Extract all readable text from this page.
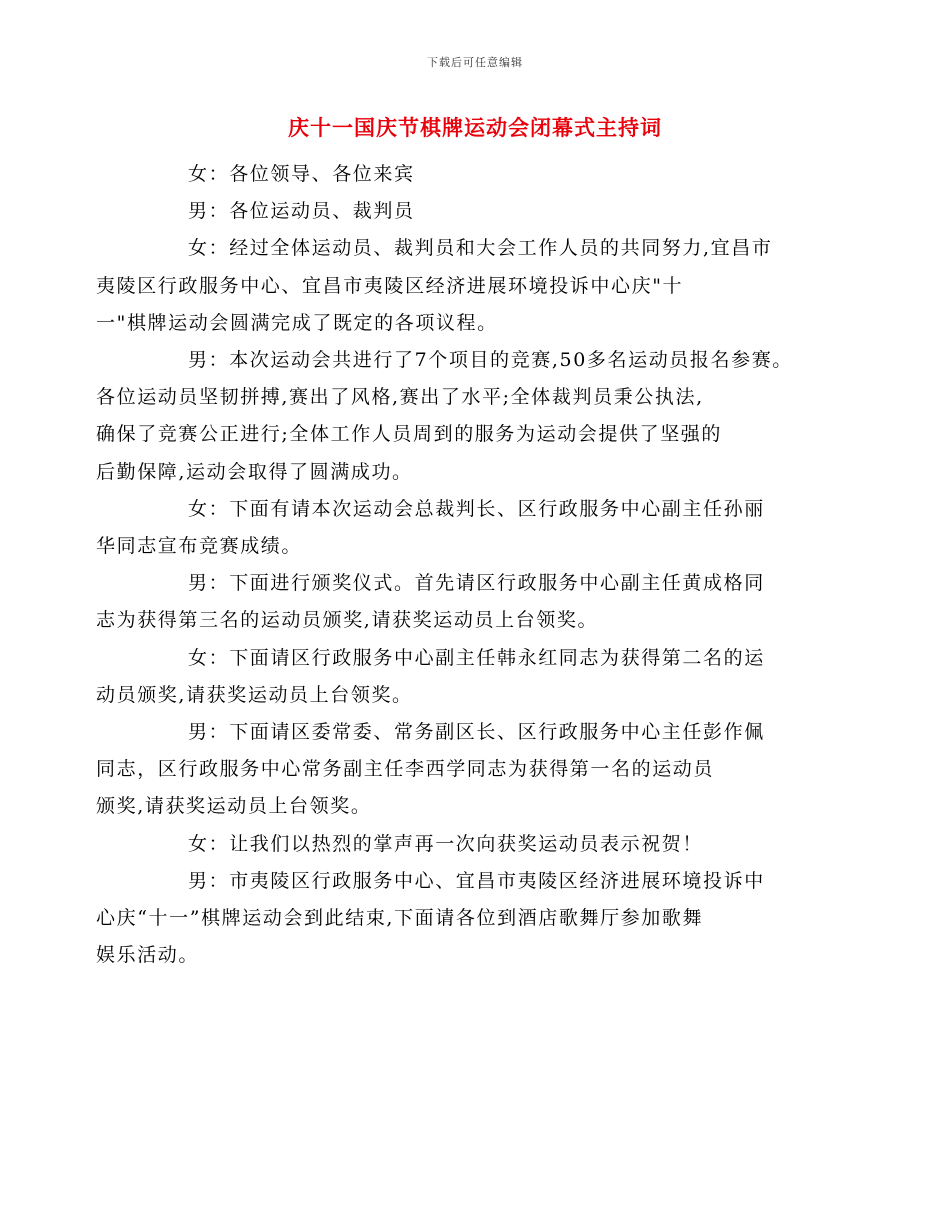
下载后可任意编辑
庆十一国庆节棋牌运动会闭幕式主持词

女：各位领导、各位来宾

男：各位运动员、裁判员

女：经过全体运动员、裁判员和大会工作人员的共同努力,宜昌市
夷陵区行政服务中心、宜昌市夷陵区经济进展环境投诉中心庆"十
一"棋牌运动会圆满完成了既定的各项议程。

男：本次运动会共进行了7个项目的竞赛,50多名运动员报名参赛。
各位运动员坚韧拼搏,赛出了风格,赛出了水平;全体裁判员秉公执法,
确保了竞赛公正进行;全体工作人员周到的服务为运动会提供了坚强的
后勤保障,运动会取得了圆满成功。

女：下面有请本次运动会总裁判长、区行政服务中心副主任孙丽
华同志宣布竞赛成绩。

男：下面进行颁奖仪式。首先请区行政服务中心副主任黄成格同
志为获得第三名的运动员颁奖,请获奖运动员上台领奖。

女：下面请区行政服务中心副主任韩永红同志为获得第二名的运
动员颁奖,请获奖运动员上台领奖。

男：下面请区委常委、常务副区长、区行政服务中心主任彭作佩
同志，区行政服务中心常务副主任李西学同志为获得第一名的运动员
颁奖,请获奖运动员上台领奖。

女：让我们以热烈的掌声再一次向获奖运动员表示祝贺！

男：市夷陵区行政服务中心、宜昌市夷陵区经济进展环境投诉中
心庆“十一”棋牌运动会到此结束,下面请各位到酒店歌舞厅参加歌舞
娱乐活动。
